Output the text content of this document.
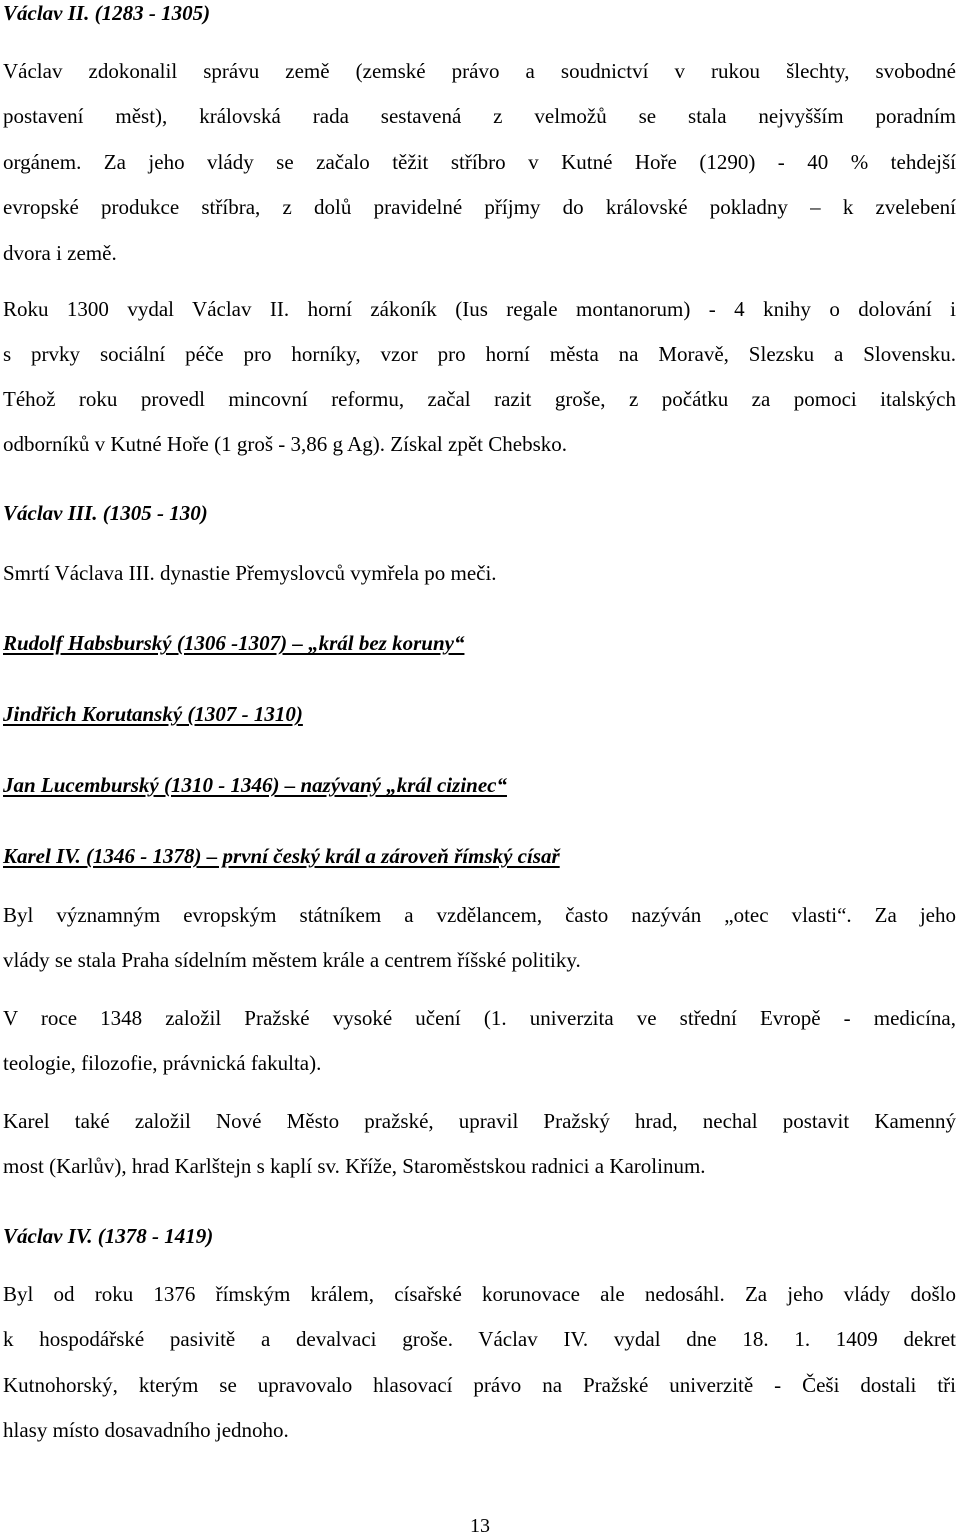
Václav II. (1283 - 1305)
Václav zdokonalil správu země (zemské právo a soudnictví v rukou šlechty, svobodné
postavení měst), královská rada sestavená z velmožů se stala nejvyšším poradním
orgánem. Za jeho vlády se začalo těžit stříbro v Kutné Hoře (1290) - 40 % tehdejší
evropské produkce stříbra, z dolů pravidelné příjmy do královské pokladny – k zvelebení
dvora i země.
Roku 1300 vydal Václav II. horní zákoník (Ius regale montanorum) - 4 knihy o dolování i
s prvky sociální péče pro horníky, vzor pro horní města na Moravě, Slezsku a Slovensku.
Téhož roku provedl mincovní reformu, začal razit groše, z počátku za pomoci italských
odborníků v Kutné Hoře (1 groš - 3,86 g Ag). Získal zpět Chebsko.
Václav III. (1305 - 130)
Smrtí Václava III. dynastie Přemyslovců vymřela po meči.
Rudolf Habsburský (1306 -1307) – „král bez koruny“
Jindřich Korutanský (1307 - 1310)
Jan Lucemburský (1310 - 1346) – nazývaný „král cizinec“
Karel IV. (1346 - 1378) – první český král a zároveň římský císař
Byl významným evropským státníkem a vzdělancem, často nazýván „otec vlasti“. Za jeho
vlády se stala Praha sídelním městem krále a centrem říšské politiky.
V roce 1348 založil Pražské vysoké učení (1. univerzita ve střední Evropě - medicína,
teologie, filozofie, právnická fakulta).
Karel také založil Nové Město pražské, upravil Pražský hrad, nechal postavit Kamenný
most (Karlův), hrad Karlštejn s kaplí sv. Kříže, Staroměstskou radnici a Karolinum.
Václav IV. (1378 - 1419)
Byl od roku 1376 římským králem, císařské korunovace ale nedosáhl. Za jeho vlády došlo
k hospodářské pasivitě a devalvaci groše. Václav IV. vydal dne 18. 1. 1409 dekret
Kutnohorský, kterým se upravovalo hlasovací právo na Pražské univerzitě - Češi dostali tři
hlasy místo dosavadního jednoho.
13
